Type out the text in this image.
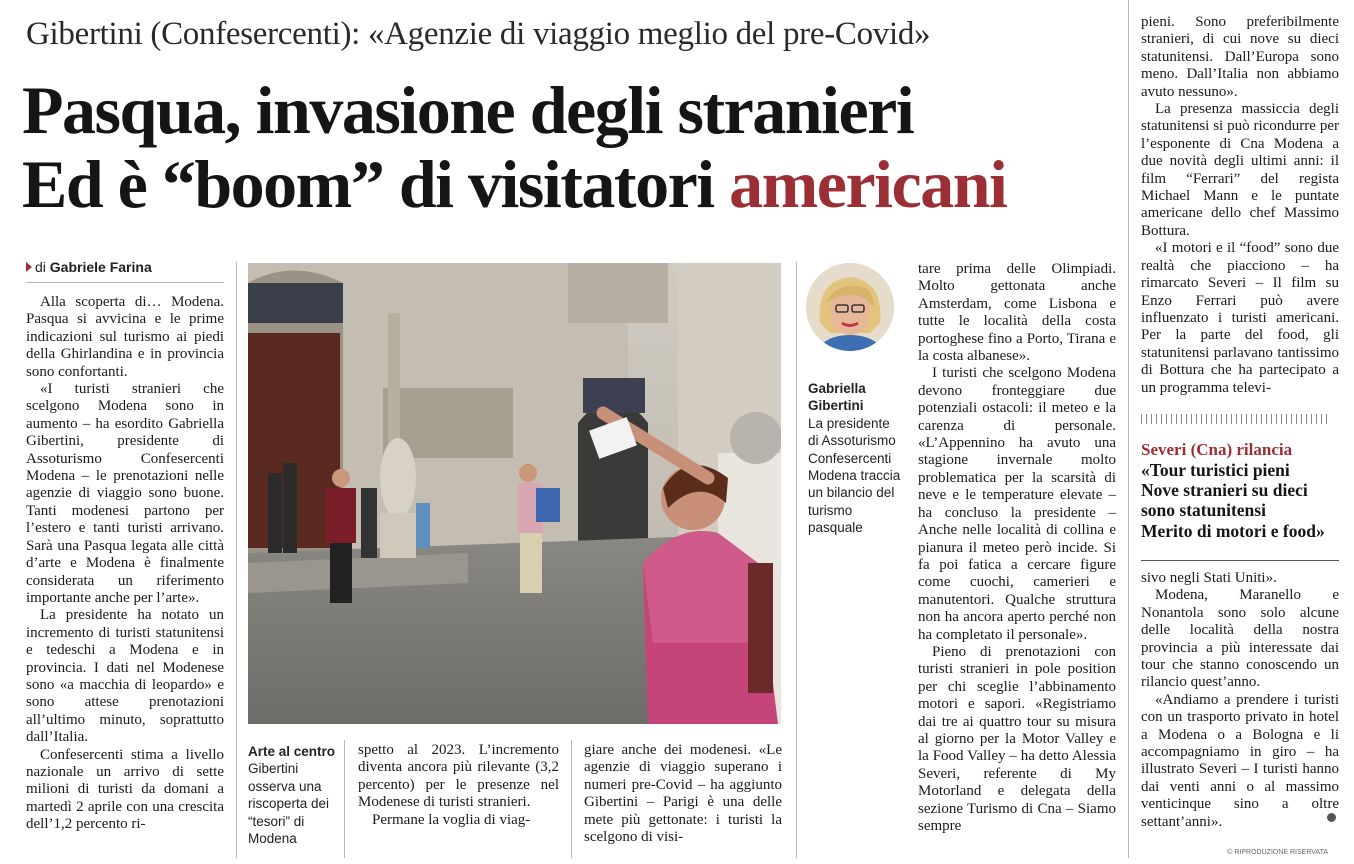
Gibertini (Confesercenti): «Agenzie di viaggio meglio del pre-Covid»
Pasqua, invasione degli stranieri
Ed è “boom” di visitatori americani
di Gabriele Farina

Alla scoperta di… Modena. Pasqua si avvicina e le prime indicazioni sul turismo ai piedi della Ghirlandina e in provincia sono confortanti.

«I turisti stranieri che scelgono Modena sono in aumento – ha esordito Gabriella Gibertini, presidente di Assoturismo Confesercenti Modena – le prenotazioni nelle agenzie di viaggio sono buone. Tanti modenesi partono per l’estero e tanti turisti arrivano. Sarà una Pasqua legata alle città d’arte e Modena è finalmente considerata un riferimento importante anche per l’arte».

La presidente ha notato un incremento di turisti statunitensi e tedeschi a Modena e in provincia. I dati nel Modenese sono «a macchia di leopardo» e sono attese prenotazioni all’ultimo minuto, soprattutto dall’Italia.

Confesercenti stima a livello nazionale un arrivo di sette milioni di turisti da domani a martedì 2 aprile con una crescita dell’1,2 percento ri-

Arte al centro
Gibertini osserva una riscoperta dei “tesori” di Modena

spetto al 2023. L’incremento diventa ancora più rilevante (3,2 percento) per le presenze nel Modenese di turisti stranieri.

Permane la voglia di viag-

giare anche dei modenesi. «Le agenzie di viaggio superano i numeri pre-Covid – ha aggiunto Gibertini – Parigi è una delle mete più gettonate: i turisti la scelgono di visi-

Gabriella Gibertini
La presidente di Assoturismo Confesercenti Modena traccia un bilancio del turismo pasquale

tare prima delle Olimpiadi. Molto gettonata anche Amsterdam, come Lisbona e tutte le località della costa portoghese fino a Porto, Tirana e la costa albanese».

I turisti che scelgono Modena devono fronteggiare due potenziali ostacoli: il meteo e la carenza di personale. «L’Appennino ha avuto una stagione invernale molto problematica per la scarsità di neve e le temperature elevate – ha concluso la presidente – Anche nelle località di collina e pianura il meteo però incide. Si fa poi fatica a cercare figure come cuochi, camerieri e manutentori. Qualche struttura non ha ancora aperto perché non ha completato il personale».

Pieno di prenotazioni con turisti stranieri in pole position per chi sceglie l’abbinamento motori e sapori. «Registriamo dai tre ai quattro tour su misura al giorno per la Motor Valley e la Food Valley – ha detto Alessia Severi, referente di My Motorland e delegata della sezione Turismo di Cna – Siamo sempre

pieni. Sono preferibilmente stranieri, di cui nove su dieci statunitensi. Dall’Europa sono meno. Dall’Italia non abbiamo avuto nessuno».

La presenza massiccia degli statunitensi si può ricondurre per l’esponente di Cna Modena a due novità degli ultimi anni: il film “Ferrari” del regista Michael Mann e le puntate americane dello chef Massimo Bottura.

«I motori e il “food” sono due realtà che piacciono – ha rimarcato Severi – Il film su Enzo Ferrari può avere influenzato i turisti americani. Per la parte del food, gli statunitensi parlavano tantissimo di Bottura che ha partecipato a un programma televi-

Severi (Cna) rilancia
«Tour turistici pieni
Nove stranieri su dieci
sono statunitensi
Merito di motori e food»

sivo negli Stati Uniti».

Modena, Maranello e Nonantola sono solo alcune delle località della nostra provincia a più interessate dai tour che stanno conoscendo un rilancio quest’anno.

«Andiamo a prendere i turisti con un trasporto privato in hotel a Modena o a Bologna e li accompagniamo in giro – ha illustrato Severi – I turisti hanno dai venti anni o al massimo venticinque sino a oltre settant’anni».

© RIPRODUZIONE RISERVATA
